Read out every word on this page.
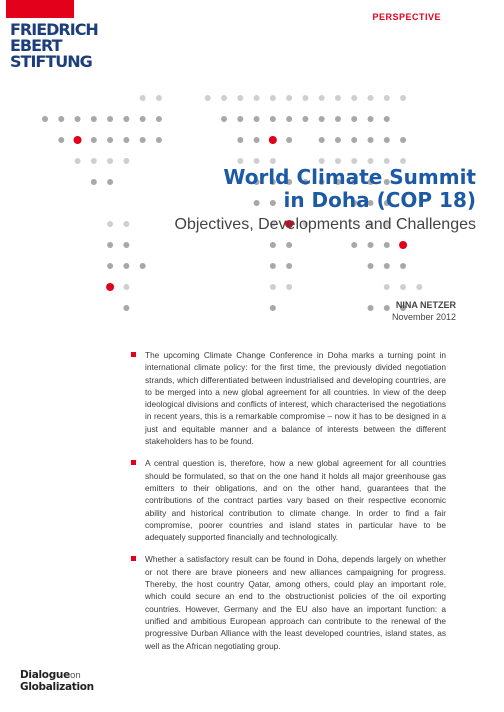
FRIEDRICH
EBERT
STIFTUNG
PERSPECTIVE
World Climate Summit
in Doha (COP 18)
Objectives, Developments and Challenges
NINA NETZER
November 2012
The upcoming Climate Change Conference in Doha marks a turning point in international climate policy: for the first time, the previously divided negotiation strands, which differentiated between industrialised and developing countries, are to be merged into a new global agreement for all countries. In view of the deep ideological divisions and conflicts of interest, which characterised the negotiations in recent years, this is a remarkable compromise – now it has to be designed in a just and equitable manner and a balance of interests between the different stakeholders has to be found.
A central question is, therefore, how a new global agreement for all countries should be formulated, so that on the one hand it holds all major greenhouse gas emitters to their obligations, and on the other hand, guarantees that the contributions of the contract parties vary based on their respective economic ability and historical contribution to climate change. In order to find a fair compromise, poorer countries and island states in particular have to be adequately supported financially and technologically.
Whether a satisfactory result can be found in Doha, depends largely on whether or not there are brave pioneers and new alliances campaigning for progress. Thereby, the host country Qatar, among others, could play an important role, which could secure an end to the obstructionist policies of the oil exporting countries. However, Germany and the EU also have an important function: a unified and ambitious European approach can contribute to the renewal of the progressive Durban Alliance with the least developed countries, island states, as well as the African negotiating group.
Dialogueon
Globalization
